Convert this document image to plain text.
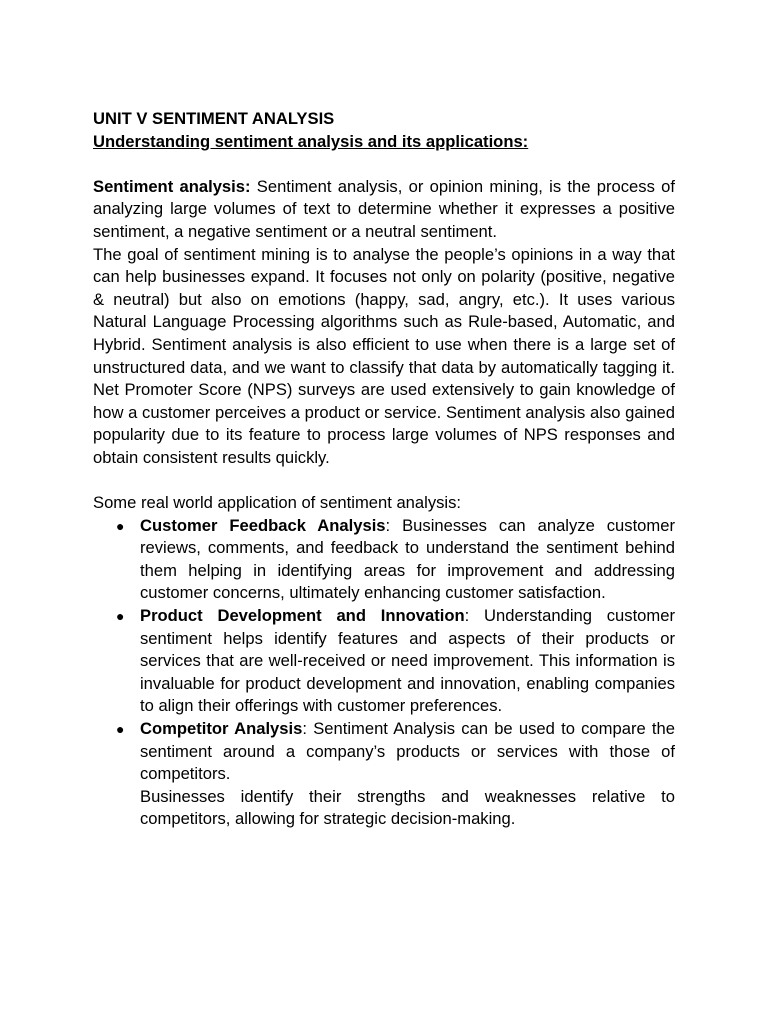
UNIT V SENTIMENT ANALYSIS

Understanding sentiment analysis and its applications:

Sentiment analysis: Sentiment analysis, or opinion mining, is the process of analyzing large volumes of text to determine whether it expresses a positive sentiment, a negative sentiment or a neutral sentiment.

The goal of sentiment mining is to analyse the people’s opinions in a way that can help businesses expand. It focuses not only on polarity (positive, negative & neutral) but also on emotions (happy, sad, angry, etc.). It uses various Natural Language Processing algorithms such as Rule-based, Automatic, and Hybrid. Sentiment analysis is also efficient to use when there is a large set of unstructured data, and we want to classify that data by automatically tagging it. Net Promoter Score (NPS) surveys are used extensively to gain knowledge of how a customer perceives a product or service. Sentiment analysis also gained popularity due to its feature to process large volumes of NPS responses and obtain consistent results quickly.

Some real world application of sentiment analysis:

● Customer Feedback Analysis: Businesses can analyze customer reviews, comments, and feedback to understand the sentiment behind them helping in identifying areas for improvement and addressing customer concerns, ultimately enhancing customer satisfaction.
● Product Development and Innovation: Understanding customer sentiment helps identify features and aspects of their products or services that are well-received or need improvement. This information is invaluable for product development and innovation, enabling companies to align their offerings with customer preferences.
● Competitor Analysis: Sentiment Analysis can be used to compare the sentiment around a company’s products or services with those of competitors.
Businesses identify their strengths and weaknesses relative to competitors, allowing for strategic decision-making.
